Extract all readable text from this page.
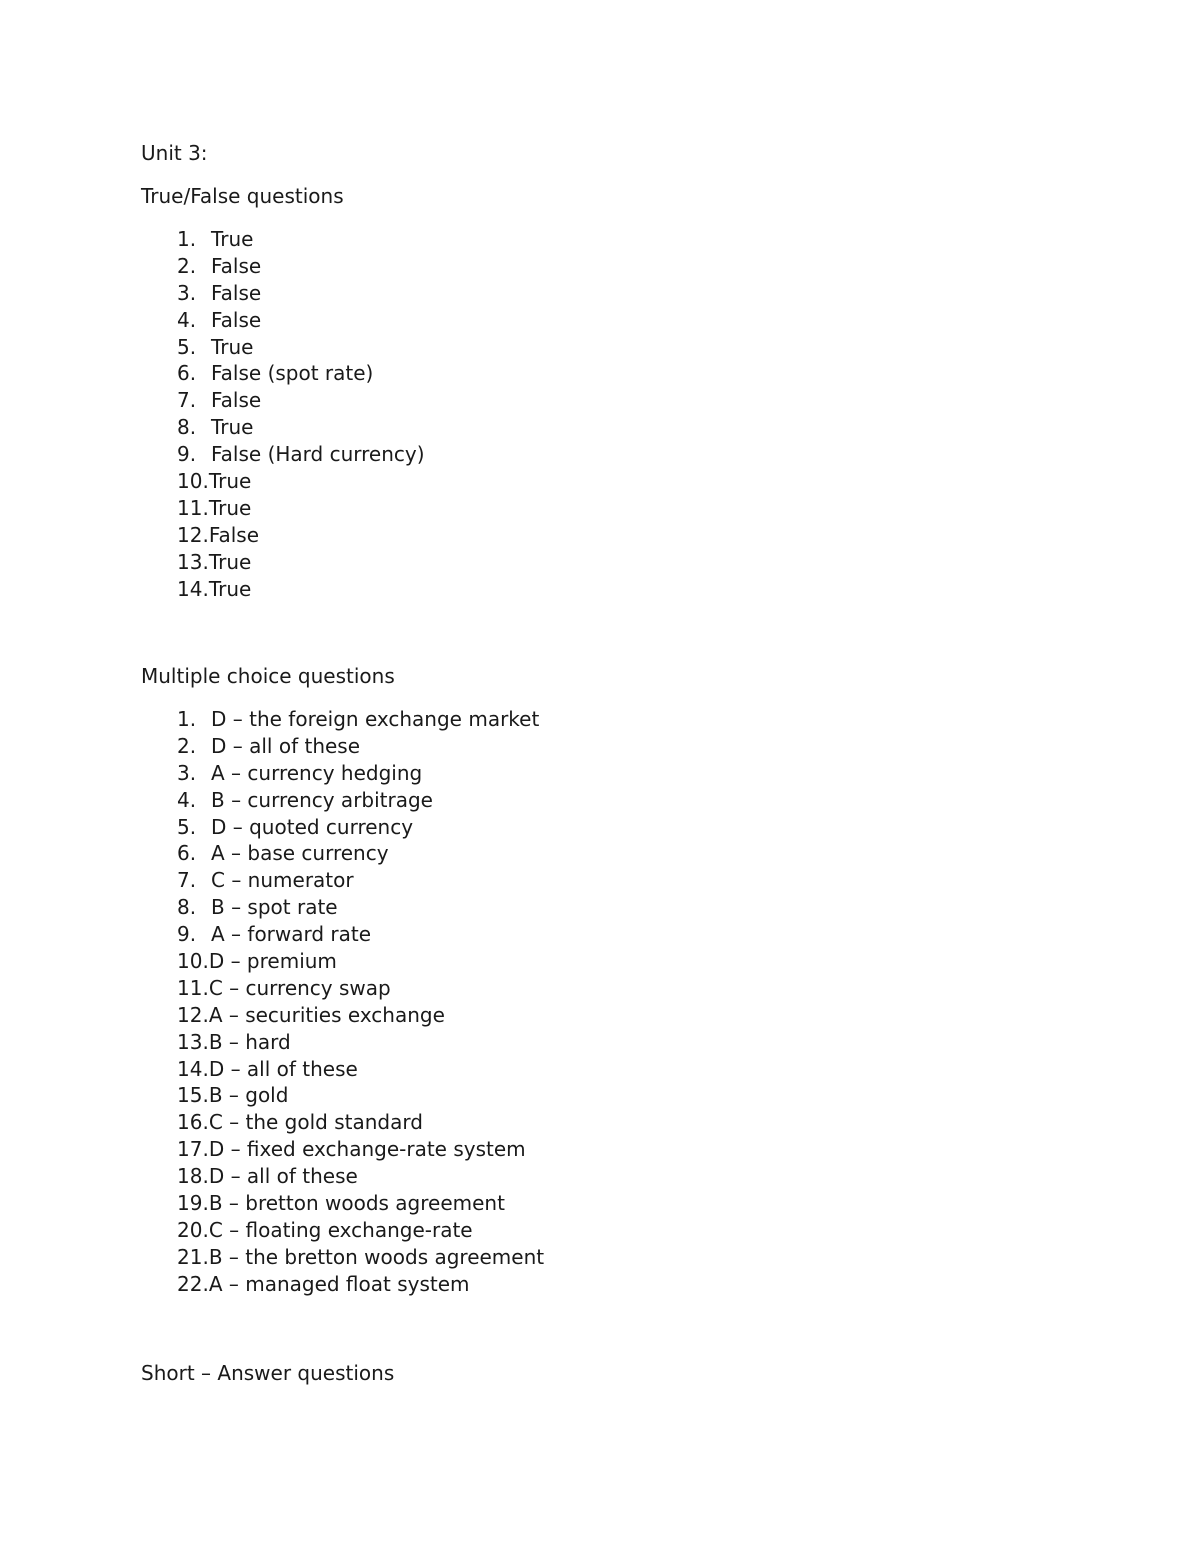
Unit 3:
True/False questions
1. True
2. False
3. False
4. False
5. True
6. False (spot rate)
7. False
8. True
9. False (Hard currency)
10.True
11.True
12.False
13.True
14.True
Multiple choice questions
1. D – the foreign exchange market
2. D – all of these
3. A – currency hedging
4. B – currency arbitrage
5. D – quoted currency
6. A – base currency
7. C – numerator
8. B – spot rate
9. A – forward rate
10.D – premium
11.C – currency swap
12.A – securities exchange
13.B – hard
14.D – all of these
15.B – gold
16.C – the gold standard
17.D – fixed exchange-rate system
18.D – all of these
19.B – bretton woods agreement
20.C – floating exchange-rate
21.B – the bretton woods agreement
22.A – managed float system
Short – Answer questions
